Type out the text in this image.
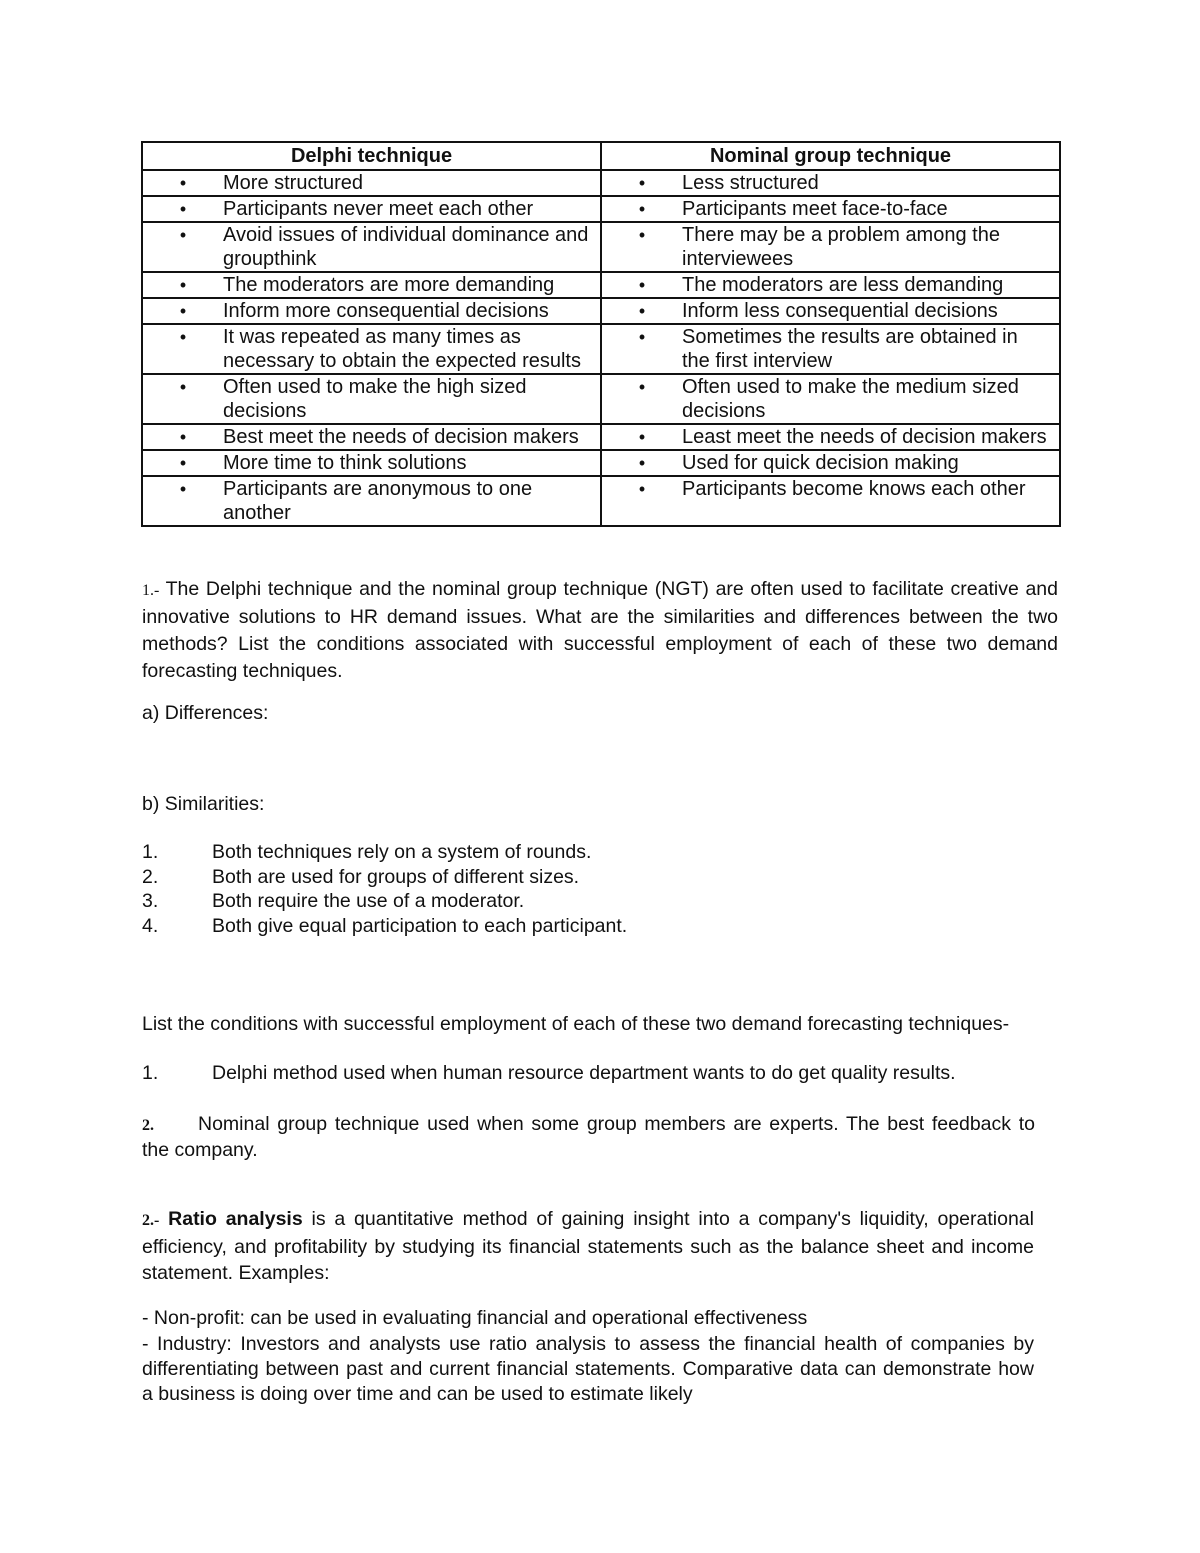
Delphi technique	Nominal group technique

• More structured	• Less structured

• Participants never meet each other	• Participants meet face-to-face

• Avoid issues of individual dominance and groupthink	• There may be a problem among the interviewees

• The moderators are more demanding	• The moderators are less demanding

• Inform more consequential decisions	• Inform less consequential decisions

• It was repeated as many times as necessary to obtain the expected results	• Sometimes the results are obtained in the first interview

• Often used to make the high sized decisions	• Often used to make the medium sized decisions

• Best meet the needs of decision makers	• Least meet the needs of decision makers

• More time to think solutions	• Used for quick decision making

• Participants are anonymous to one another	• Participants become knows each other
1.- The Delphi technique and the nominal group technique (NGT) are often used to facilitate creative and innovative solutions to HR demand issues. What are the similarities and differences between the two methods? List the conditions associated with successful employment of each of these two demand forecasting techniques.
a) Differences:
b) Similarities:
1.	Both techniques rely on a system of rounds.
2.	Both are used for groups of different sizes.
3.	Both require the use of a moderator.
4.	Both give equal participation to each participant.
List the conditions with successful employment of each of these two demand forecasting techniques-
1.	Delphi method used when human resource department wants to do get quality results.
2. Nominal group technique used when some group members are experts. The best feedback to the company.
2.- Ratio analysis is a quantitative method of gaining insight into a company's liquidity, operational efficiency, and profitability by studying its financial statements such as the balance sheet and income statement. Examples:
- Non-profit: can be used in evaluating financial and operational effectiveness
- Industry: Investors and analysts use ratio analysis to assess the financial health of companies by differentiating between past and current financial statements. Comparative data can demonstrate how a business is doing over time and can be used to estimate likely
